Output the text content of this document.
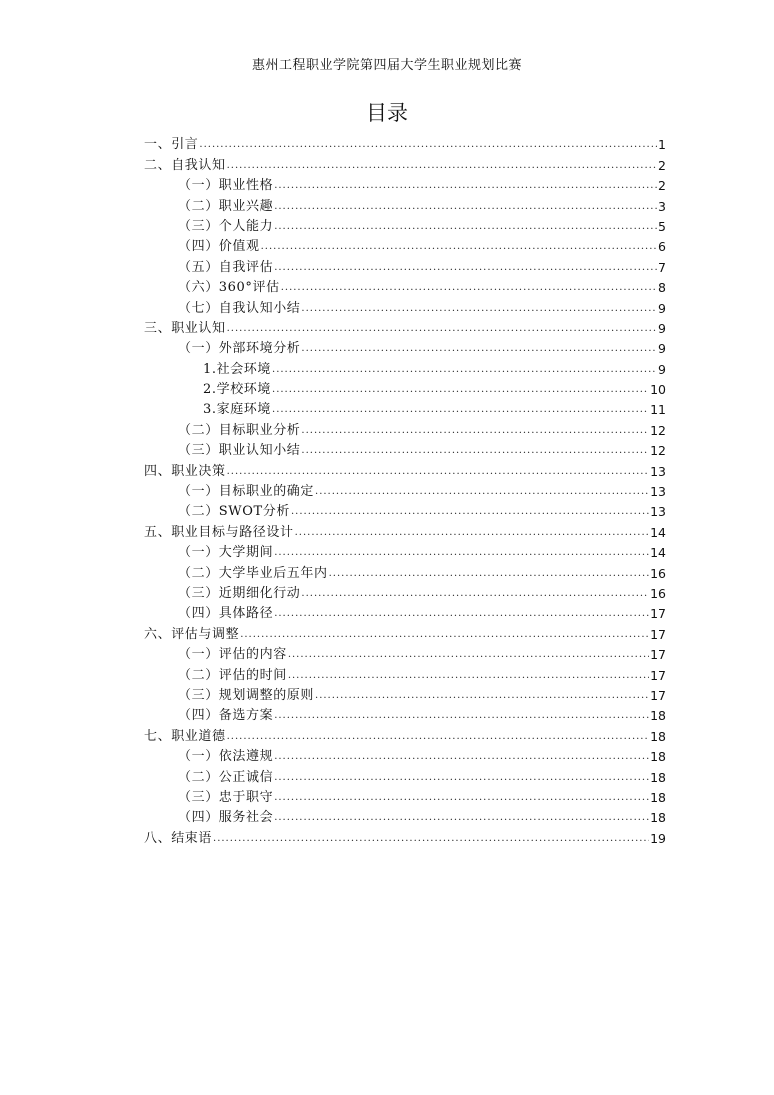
惠州工程职业学院第四届大学生职业规划比赛
目录
一、引言 .....	1
二、自我认知 .....	2
（一）职业性格 .....	2
（二）职业兴趣 .....	3
（三）个人能力 .....	5
（四）价值观 .....	6
（五）自我评估 .....	7
（六）360°评估 .....	8
（七）自我认知小结 .....	9
三、职业认知 .....	9
（一）外部环境分析 .....	9
1.社会环境 .....	9
2.学校环境 .....	10
3.家庭环境 .....	11
（二）目标职业分析 .....	12
（三）职业认知小结 .....	12
四、职业决策 .....	13
（一）目标职业的确定 .....	13
（二）SWOT分析 .....	13
五、职业目标与路径设计 .....	14
（一）大学期间 .....	14
（二）大学毕业后五年内 .....	16
（三）近期细化行动 .....	16
（四）具体路径 .....	17
六、评估与调整 .....	17
（一）评估的内容 .....	17
（二）评估的时间 .....	17
（三）规划调整的原则 .....	17
（四）备选方案 .....	18
七、职业道德 .....	18
（一）依法遵规 .....	18
（二）公正诚信 .....	18
（三）忠于职守 .....	18
（四）服务社会 .....	18
八、结束语 .....	19
